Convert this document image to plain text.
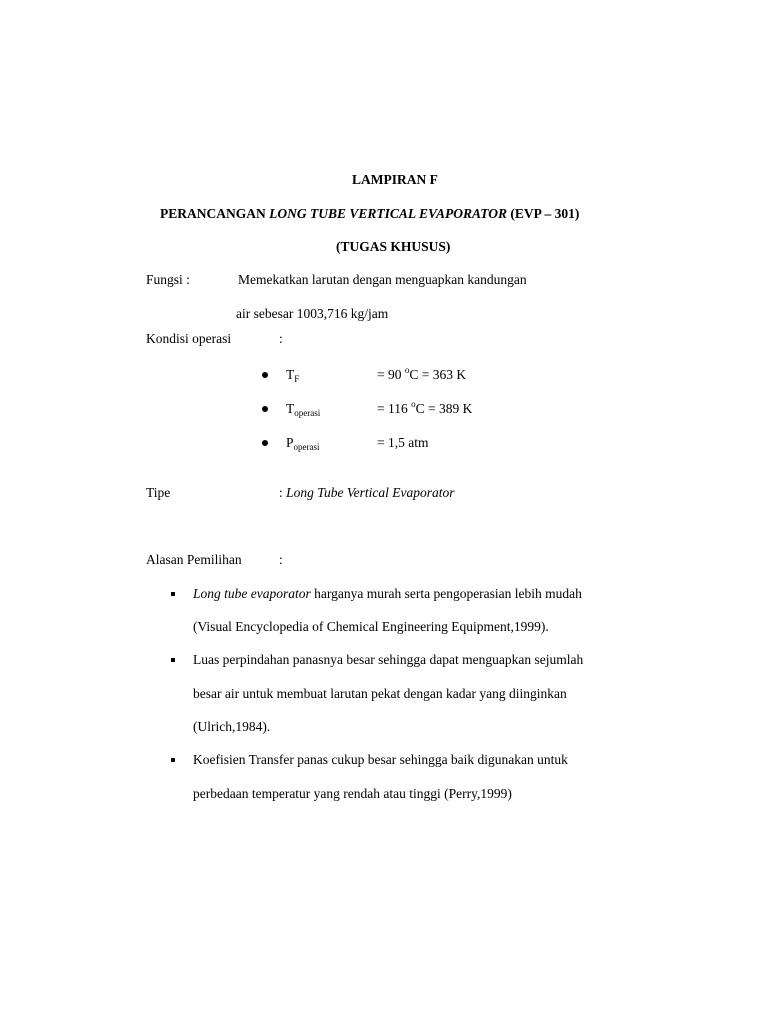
LAMPIRAN F
PERANCANGAN LONG TUBE VERTICAL EVAPORATOR (EVP – 301)
(TUGAS KHUSUS)
Fungsi :	Memekatkan larutan dengan menguapkan kandungan
air sebesar 1003,716 kg/jam
Kondisi operasi	:
$T_F$	= 90 $^o$C = 363 K
$T_{operasi}$	= 116 $^o$C = 389 K
$P_{operasi}$	= 1,5 atm
Tipe	: Long Tube Vertical Evaporator
Alasan Pemilihan	:
Long tube evaporator harganya murah serta pengoperasian lebih mudah
(Visual Encyclopedia of Chemical Engineering Equipment,1999).
Luas perpindahan panasnya besar sehingga dapat menguapkan sejumlah
besar air untuk membuat larutan pekat dengan kadar yang diinginkan
(Ulrich,1984).
Koefisien Transfer panas cukup besar sehingga baik digunakan untuk
perbedaan temperatur yang rendah atau tinggi (Perry,1999)
